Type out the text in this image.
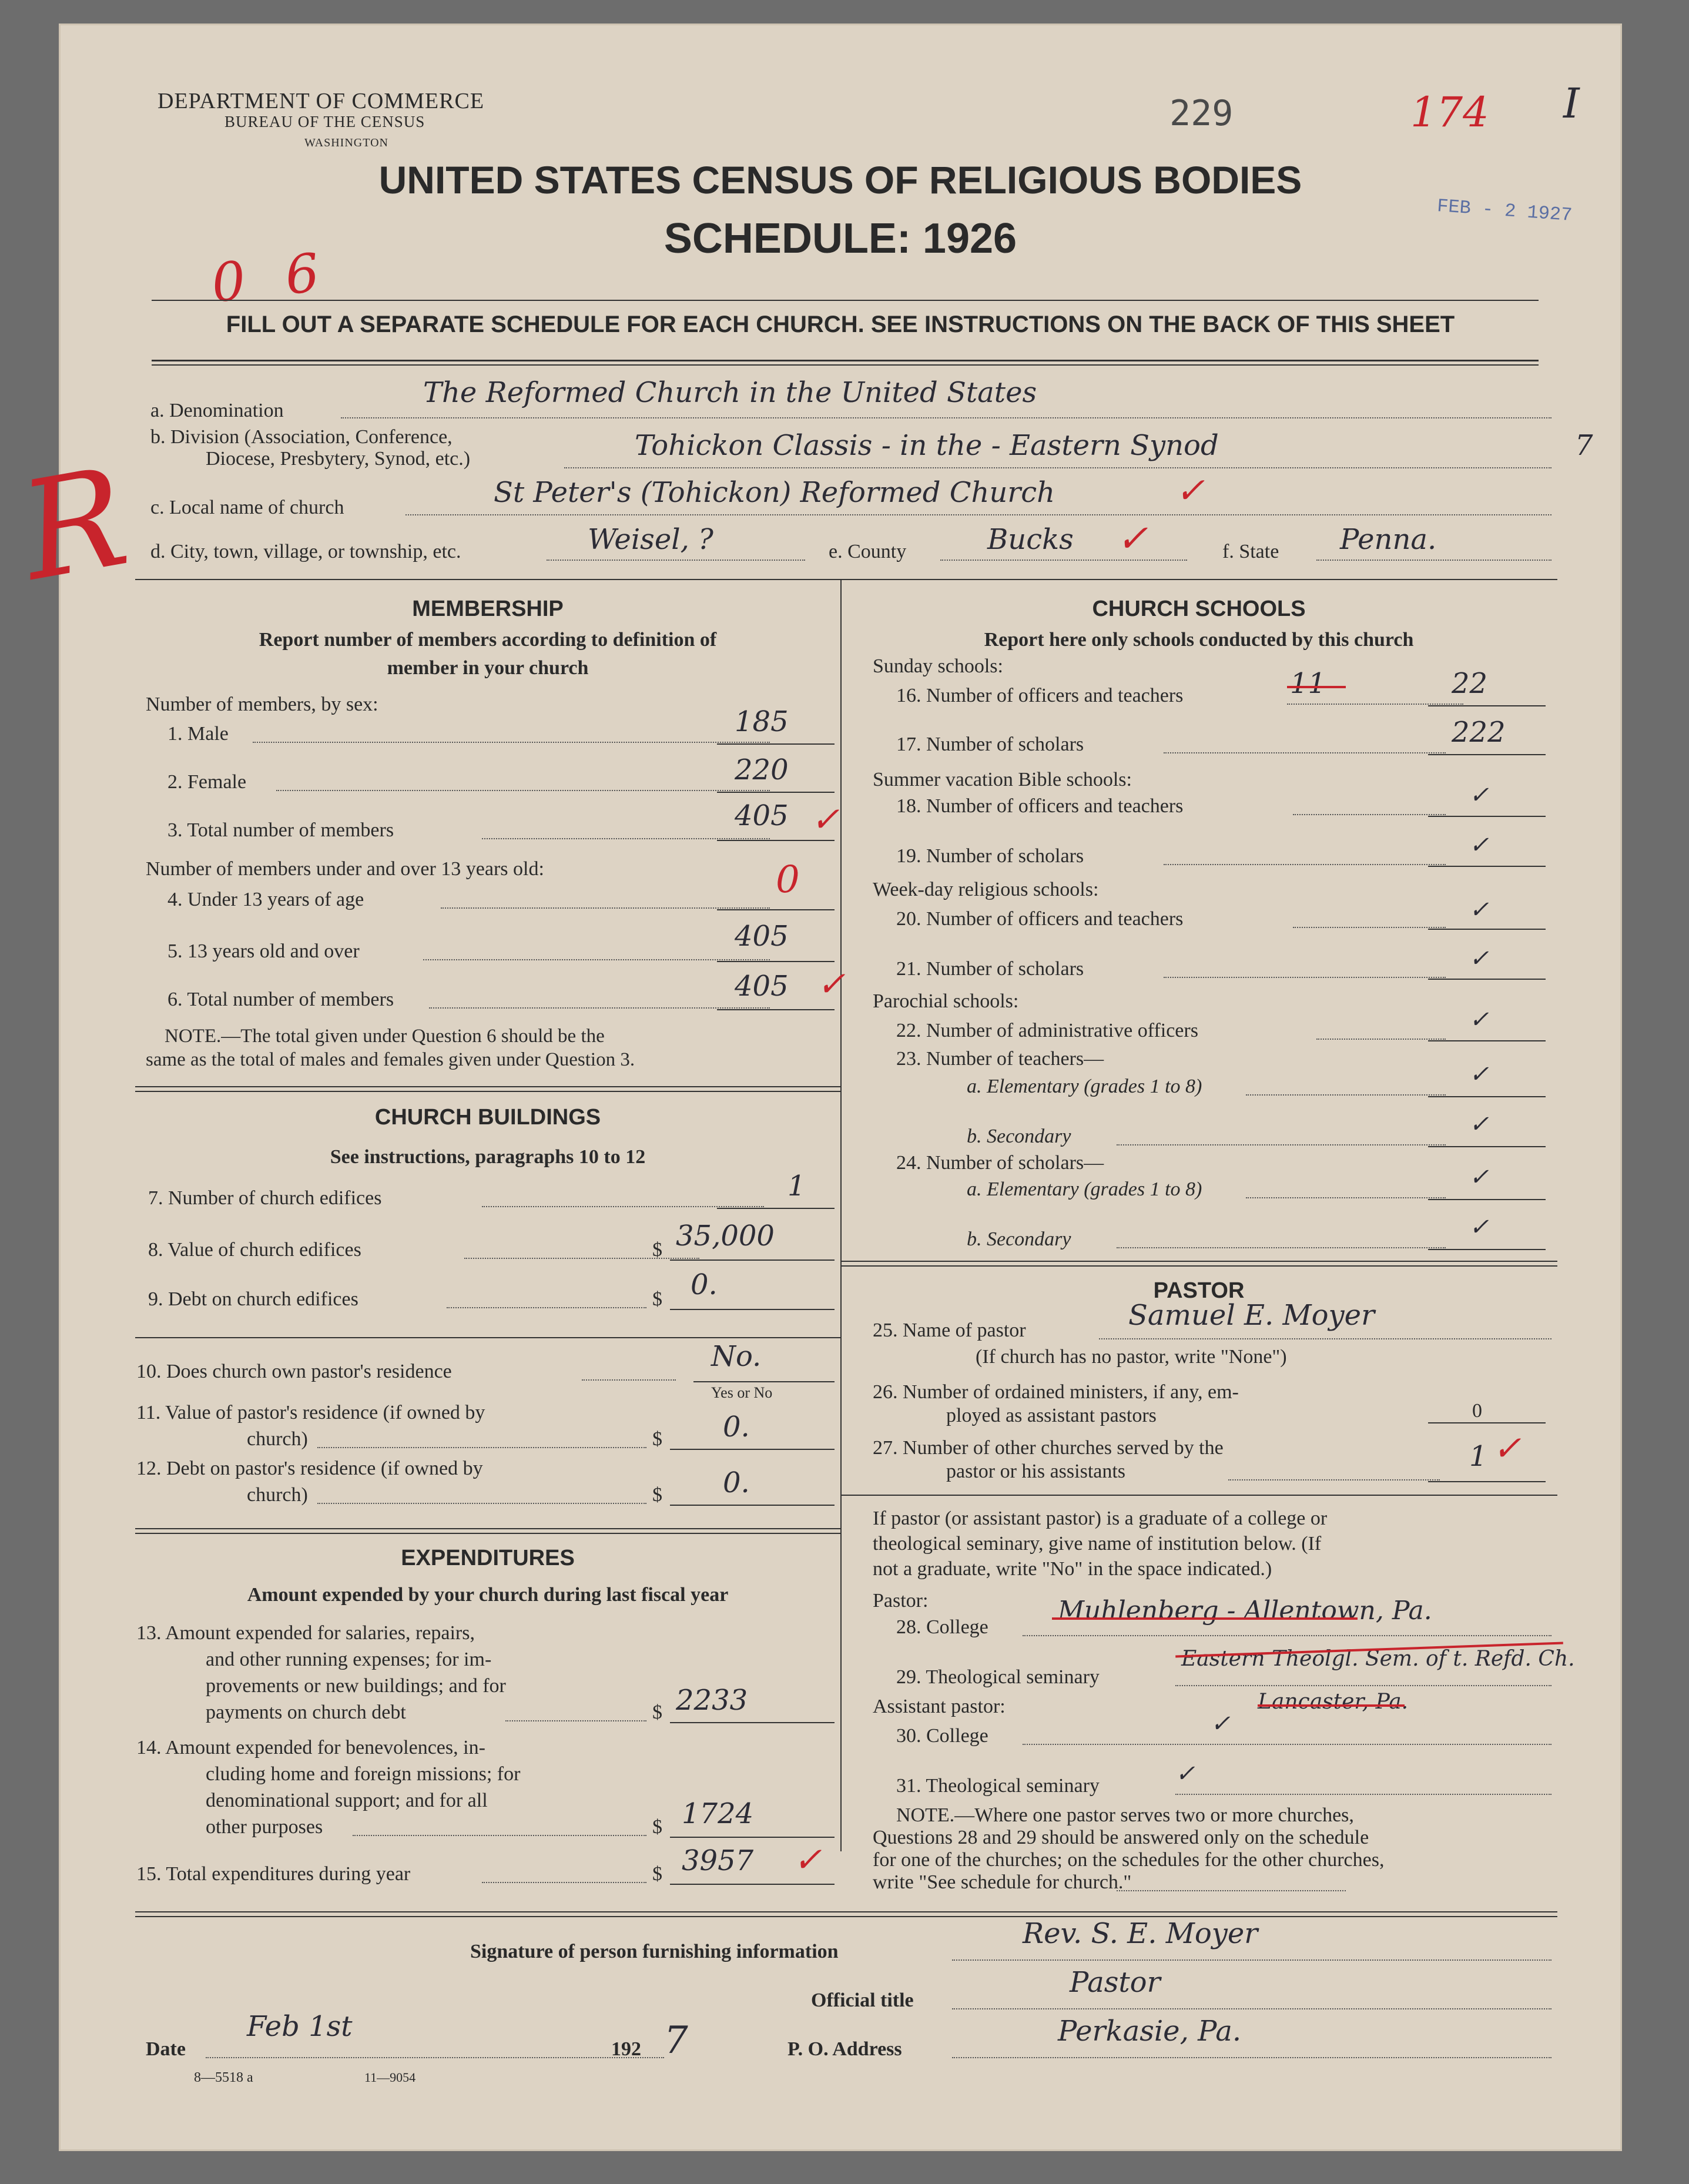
DEPARTMENT OF COMMERCE
BUREAU OF THE CENSUS
WASHINGTON
229	174 I
FEB - 2 1927
UNITED STATES CENSUS OF RELIGIOUS BODIES
SCHEDULE: 1926
0 6
FILL OUT A SEPARATE SCHEDULE FOR EACH CHURCH. SEE INSTRUCTIONS ON THE BACK OF THIS SHEET
a. Denomination
The Reformed Church in the United States
b. Division (Association, Conference,
Diocese, Presbytery, Synod, etc.)	Tohickon Classis - in the - Eastern Synod	7
c. Local name of church	St Peter's (Tohickon) Reformed Church	✓
d. City, town, village, or township, etc.	Weisel, ?	e. County	Bucks ✓	f. State Penna.
R	MEMBERSHIP
Report number of members according to definition of
member in your church
Number of members, by sex:
1. Male	185
2. Female	220
3. Total number of members	405 ✓
Number of members under and over 13 years old:
4. Under 13 years of age	0
5. 13 years old and over	405
6. Total number of members	405 ✓
NOTE.—The total given under Question 6 should be the
same as the total of males and females given under Question 3.
CHURCH BUILDINGS
See instructions, paragraphs 10 to 12
7. Number of church edifices	1
8. Value of church edifices	$ 35,000
9. Debt on church edifices	$ 0.
10. Does church own pastor's residence	No.
Yes or No
11. Value of pastor's residence (if owned by
church)	$ 0.
12. Debt on pastor's residence (if owned by
church)	$ 0.
EXPENDITURES
Amount expended by your church during last fiscal year
13. Amount expended for salaries, repairs,
and other running expenses; for im-
provements or new buildings; and for
payments on church debt	$ 2233
14. Amount expended for benevolences, in-
cluding home and foreign missions; for
denominational support; and for all
other purposes	$ 1724
15. Total expenditures during year	$ 3957 ✓
CHURCH SCHOOLS
Report here only schools conducted by this church
Sunday schools:
16. Number of officers and teachers	11	22
17. Number of scholars	222
Summer vacation Bible schools:
18. Number of officers and teachers	✓
19. Number of scholars	✓
Week-day religious schools:
20. Number of officers and teachers	✓
21. Number of scholars	✓
Parochial schools:
22. Number of administrative officers	✓
23. Number of teachers—
a. Elementary (grades 1 to 8)	✓
b. Secondary	✓
24. Number of scholars—
a. Elementary (grades 1 to 8)	✓
b. Secondary	✓
PASTOR
25. Name of pastor	Samuel E. Moyer
(If church has no pastor, write "None")
26. Number of ordained ministers, if any, em-
ployed as assistant pastors	0
27. Number of other churches served by the
pastor or his assistants	1 ✓
If pastor (or assistant pastor) is a graduate of a college or
theological seminary, give name of institution below. (If
not a graduate, write "No" in the space indicated.)
Pastor:
28. College
Muhlenberg - Allentown, Pa.
29. Theological seminary
Eastern Theolgl. Sem. of t. Refd. Ch.
Lancaster, Pa.
Assistant pastor:
30. College	✓
31. Theological seminary	✓
NOTE.—Where one pastor serves two or more churches,
Questions 28 and 29 should be answered only on the schedule
for one of the churches; on the schedules for the other churches,
write "See schedule for church."
Signature of person furnishing information
Rev. S. E. Moyer
Official title
Pastor
Date
Feb 1st
192 7	P. O. Address
Perkasie, Pa.
8—5518 a	11—9054
